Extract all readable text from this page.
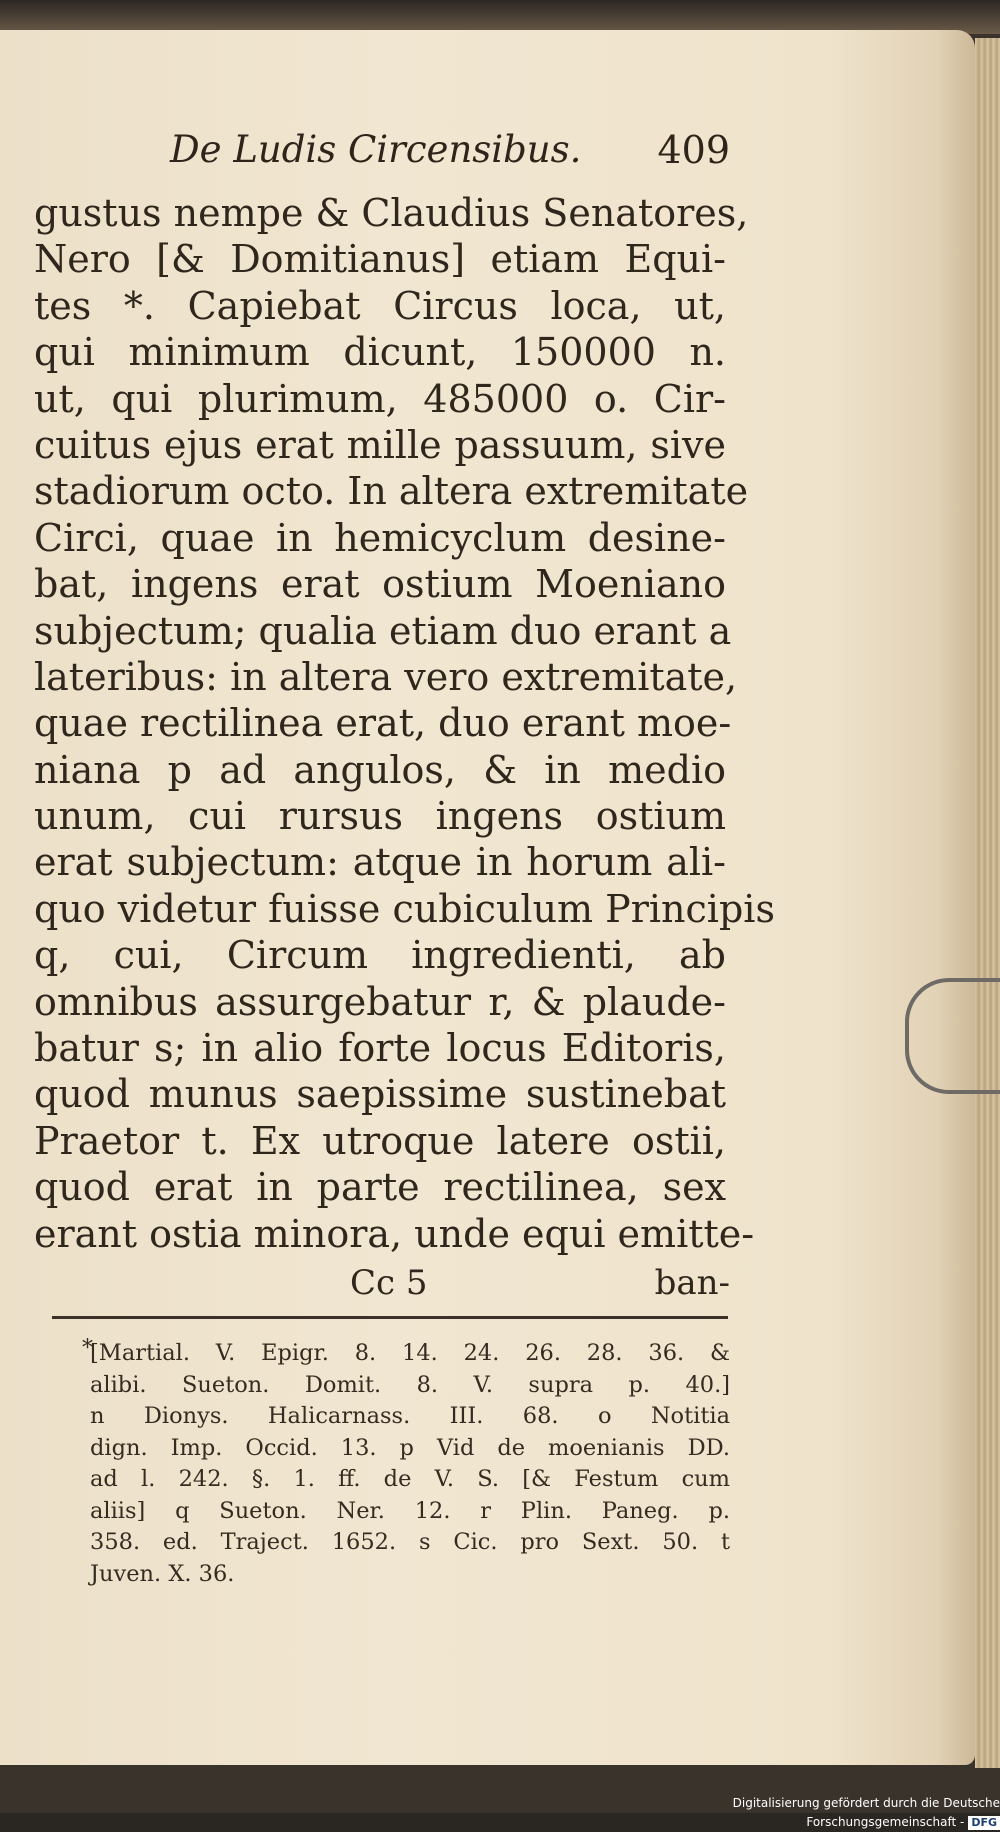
De Ludis Circensibus. 409
gustus nempe & Claudius Senatores,
Nero [& Domitianus] etiam Equi-
tes *. Capiebat Circus loca, ut,
qui minimum dicunt, 150000 n.
ut, qui plurimum, 485000 o. Cir-
cuitus ejus erat mille passuum, sive
stadiorum octo. In altera extremitate
Circi, quae in hemicyclum desine-
bat, ingens erat ostium Moeniano
subjectum; qualia etiam duo erant a
lateribus: in altera vero extremitate,
quae rectilinea erat, duo erant moe-
niana p ad angulos, & in medio
unum, cui rursus ingens ostium
erat subjectum: atque in horum ali-
quo videtur fuisse cubiculum Principis
q, cui, Circum ingredienti, ab
omnibus assurgebatur r, & plaude-
batur s; in alio forte locus Editoris,
quod munus saepissime sustinebat
Praetor t. Ex utroque latere ostii,
quod erat in parte rectilinea, sex
erant ostia minora, unde equi emitte-
Cc 5	ban-
*
[Martial. V. Epigr. 8. 14. 24. 26. 28. 36. &
alibi. Sueton. Domit. 8. V. supra p. 40.]
n Dionys. Halicarnass. III. 68. o Notitia
dign. Imp. Occid. 13. p Vid de moenianis DD.
ad l. 242. §. 1. ff. de V. S. [& Festum cum
aliis] q Sueton. Ner. 12. r Plin. Paneg. p.
358. ed. Traject. 1652. s Cic. pro Sext. 50. t
Juven. X. 36.
Digitalisierung gefördert durch die Deutsche Forschungsgemeinschaft - DFG
